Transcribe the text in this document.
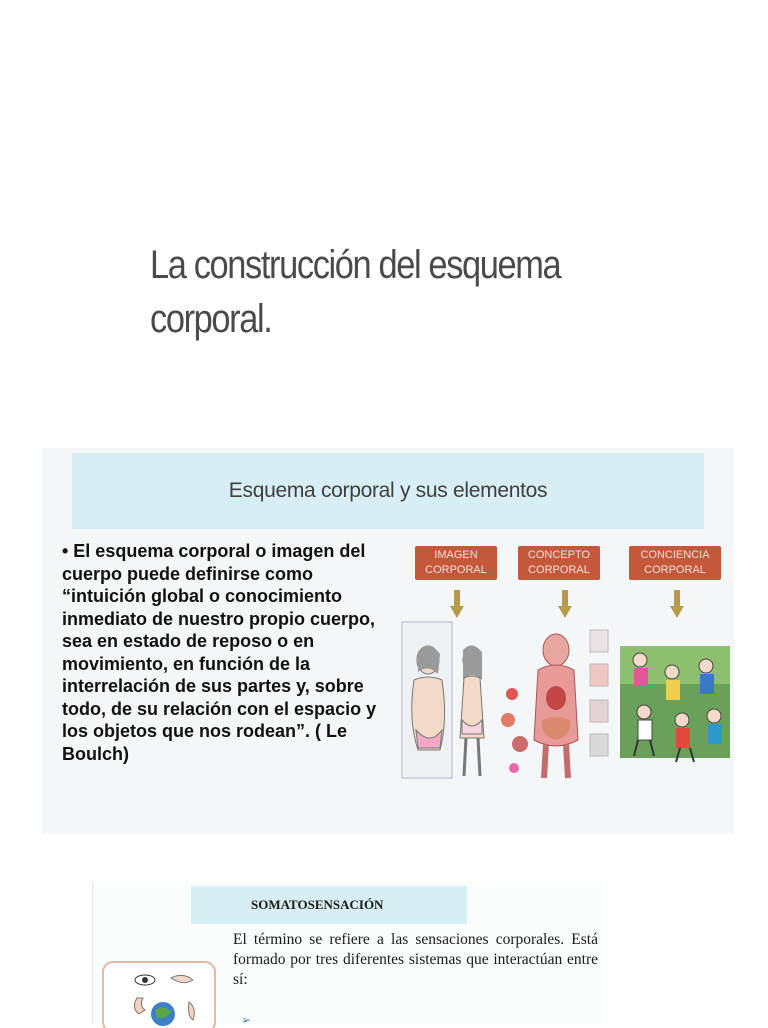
La construcción del esquema corporal.
Esquema corporal y sus elementos
• El esquema corporal o imagen del cuerpo puede definirse como “intuición global o conocimiento inmediato de nuestro propio cuerpo, sea en estado de reposo o en movimiento, en función de la interrelación de sus partes y, sobre todo, de su relación con el espacio y los objetos que nos rodean”. ( Le Boulch)
IMAGEN
CORPORAL
CONCEPTO
CORPORAL
CONCIENCIA
CORPORAL
SOMATOSENSACIÓN
El término se refiere a las sensaciones corporales. Está formado por tres diferentes sistemas que interactúan entre sí:
➢
